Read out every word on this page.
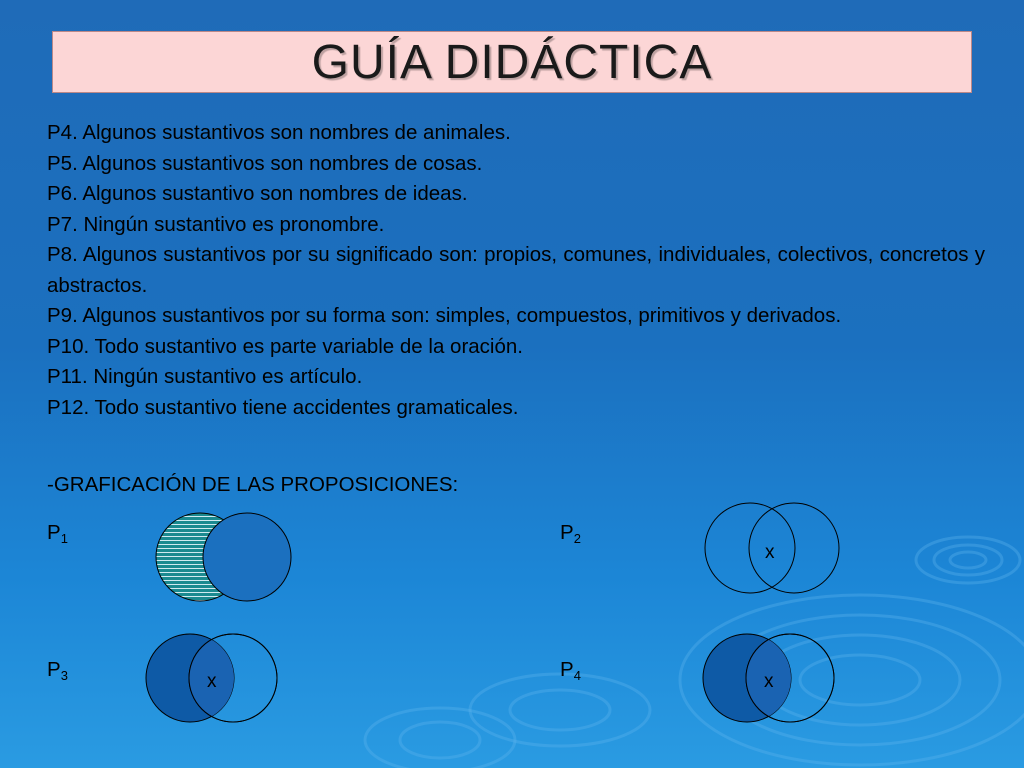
GUÍA DIDÁCTICA

P4. Algunos sustantivos son nombres de animales.

P5. Algunos sustantivos son nombres de cosas.

P6. Algunos sustantivo son nombres de ideas.

P7. Ningún sustantivo es pronombre.

P8. Algunos sustantivos por su significado son: propios, comunes, individuales, colectivos, concretos y abstractos.

P9. Algunos sustantivos por su forma son: simples, compuestos, primitivos y derivados.

P10. Todo sustantivo es parte variable de la oración.

P11. Ningún sustantivo es artículo.

P12. Todo sustantivo tiene accidentes gramaticales.

-GRAFICACIÓN DE LAS PROPOSICIONES:
$P_1$	$P_2$
$P_3$	$P_4$
x
x	x
